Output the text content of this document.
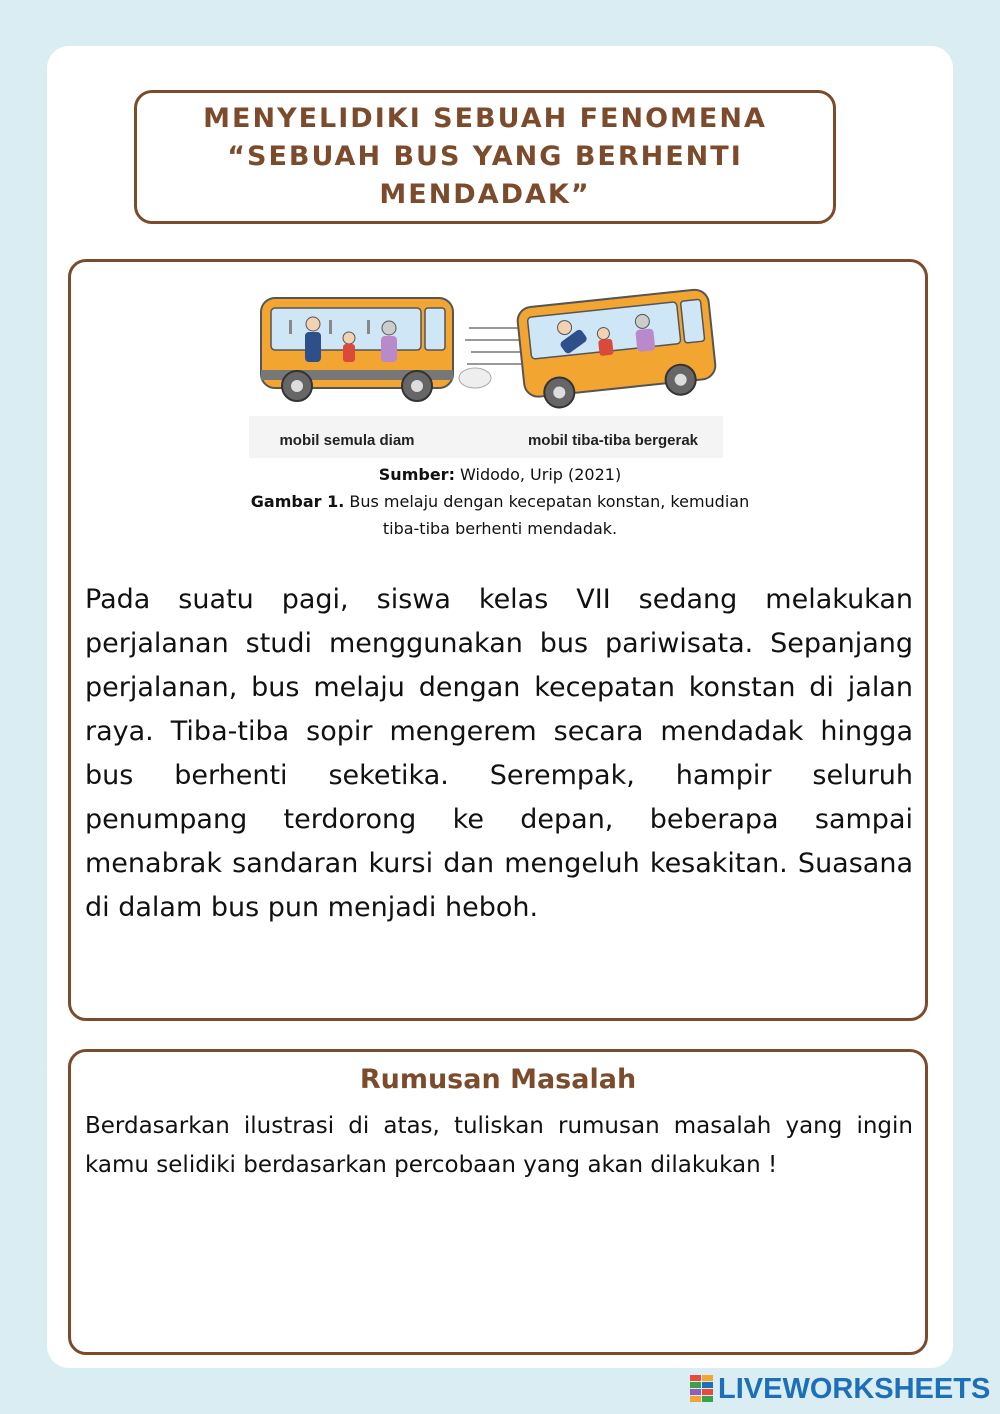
MENYELIDIKI SEBUAH FENOMENA
“SEBUAH BUS YANG BERHENTI MENDADAK”
mobil semula diam	mobil tiba-tiba bergerak
Sumber: Widodo, Urip (2021)
Gambar 1. Bus melaju dengan kecepatan konstan, kemudian
tiba-tiba berhenti mendadak.
Pada suatu pagi, siswa kelas VII sedang melakukan perjalanan studi menggunakan bus pariwisata. Sepanjang perjalanan, bus melaju dengan kecepatan konstan di jalan raya. Tiba-tiba sopir mengerem secara mendadak hingga bus berhenti seketika. Serempak, hampir seluruh penumpang terdorong ke depan, beberapa sampai menabrak sandaran kursi dan mengeluh kesakitan. Suasana di dalam bus pun menjadi heboh.
Rumusan Masalah
Berdasarkan ilustrasi di atas, tuliskan rumusan masalah yang ingin kamu selidiki berdasarkan percobaan yang akan dilakukan !
LIVEWORKSHEETS
